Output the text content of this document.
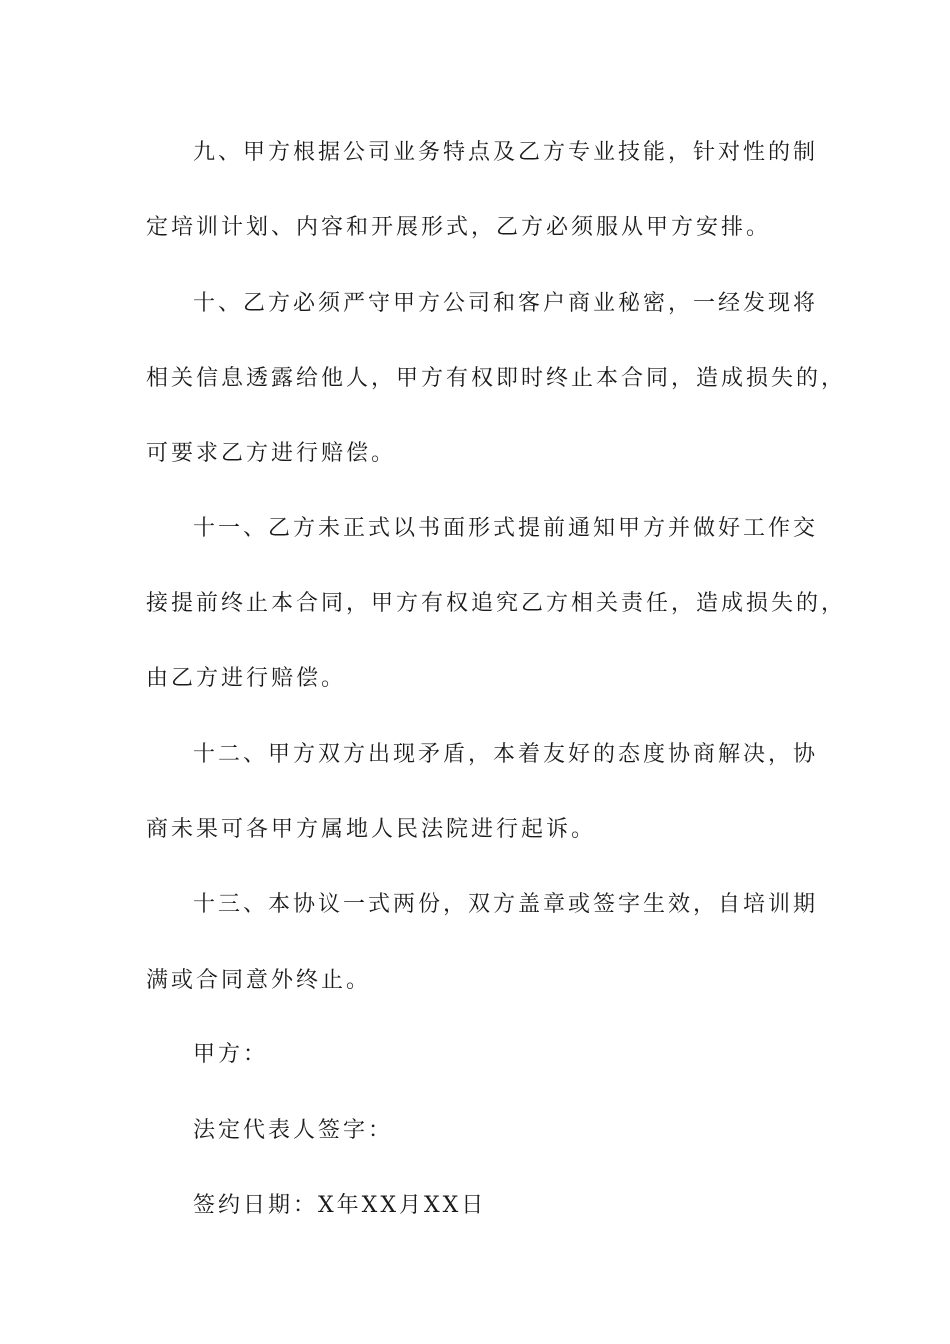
九、甲方根据公司业务特点及乙方专业技能，针对性的制
定培训计划、内容和开展形式，乙方必须服从甲方安排。
十、乙方必须严守甲方公司和客户商业秘密，一经发现将
相关信息透露给他人，甲方有权即时终止本合同，造成损失的，
可要求乙方进行赔偿。
十一、乙方未正式以书面形式提前通知甲方并做好工作交
接提前终止本合同，甲方有权追究乙方相关责任，造成损失的，
由乙方进行赔偿。
十二、甲方双方出现矛盾，本着友好的态度协商解决，协
商未果可各甲方属地人民法院进行起诉。
十三、本协议一式两份，双方盖章或签字生效，自培训期
满或合同意外终止。
甲方：
法定代表人签字：
签约日期：X年XX月XX日
